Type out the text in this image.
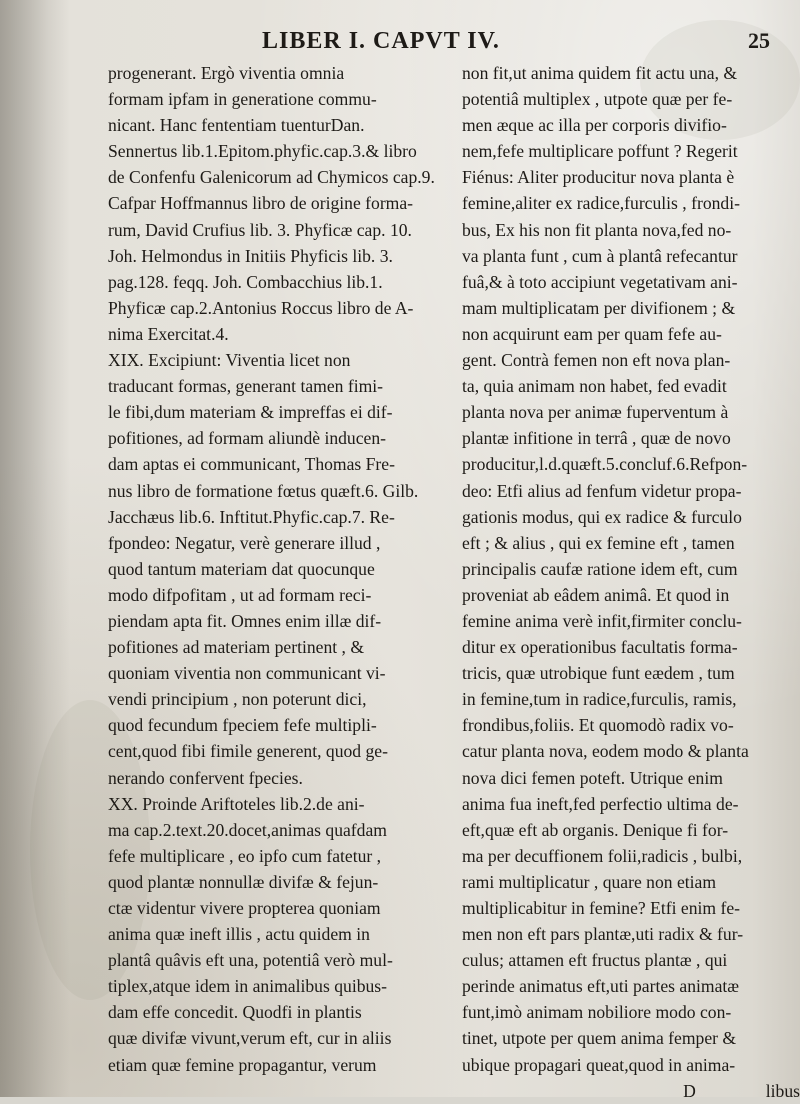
LIBER I. CAPVT IV.	25
progenerant. Ergò viventia omnia
formam ipfam in generatione commu-
nicant. Hanc fententiam tuenturDan.
Sennertus lib.1.Epitom.phyfic.cap.3.& libro
de Confenfu Galenicorum ad Chymicos cap.9.
Cafpar Hoffmannus libro de origine forma-
rum, David Crufius lib. 3. Phyficæ cap. 10.
Joh. Helmondus in Initiis Phyficis lib. 3.
pag.128. feqq. Joh. Combacchius lib.1.
Phyficæ cap.2.Antonius Roccus libro de A-
nima Exercitat.4.
XIX. Excipiunt: Viventia licet non
traducant formas, generant tamen fimi-
le fibi,dum materiam & impreffas ei dif-
pofitiones, ad formam aliundè inducen-
dam aptas ei communicant, Thomas Fre-
nus libro de formatione fœtus quæft.6. Gilb.
Jacchæus lib.6. Inftitut.Phyfic.cap.7. Re-
fpondeo: Negatur, verè generare illud ,
quod tantum materiam dat quocunque
modo difpofitam , ut ad formam reci-
piendam apta fit. Omnes enim illæ dif-
pofitiones ad materiam pertinent , &
quoniam viventia non communicant vi-
vendi principium , non poterunt dici,
quod fecundum fpeciem fefe multipli-
cent,quod fibi fimile generent, quod ge-
nerando confervent fpecies.
XX. Proinde Ariftoteles lib.2.de ani-
ma cap.2.text.20.docet,animas quafdam
fefe multiplicare , eo ipfo cum fatetur ,
quod plantæ nonnullæ divifæ & fejun-
ctæ videntur vivere propterea quoniam
anima quæ ineft illis , actu quidem in
plantâ quâvis eft una, potentiâ verò mul-
tiplex,atque idem in animalibus quibus-
dam effe concedit. Quodfi in plantis
quæ divifæ vivunt,verum eft, cur in aliis
etiam quæ femine propagantur, verum
non fit,ut anima quidem fit actu una, &
potentiâ multiplex , utpote quæ per fe-
men æque ac illa per corporis divifio-
nem,fefe multiplicare poffunt ? Regerit
Fiénus: Aliter producitur nova planta è
femine,aliter ex radice,furculis , frondi-
bus, Ex his non fit planta nova,fed no-
va planta funt , cum à plantâ refecantur
fuâ,& à toto accipiunt vegetativam ani-
mam multiplicatam per divifionem ; &
non acquirunt eam per quam fefe au-
gent. Contrà femen non eft nova plan-
ta, quia animam non habet, fed evadit
planta nova per animæ fuperventum à
plantæ infitione in terrâ , quæ de novo
producitur,l.d.quæft.5.concluf.6.Refpon-
deo: Etfi alius ad fenfum videtur propa-
gationis modus, qui ex radice & furculo
eft ; & alius , qui ex femine eft , tamen
principalis caufæ ratione idem eft, cum
proveniat ab eâdem animâ. Et quod in
femine anima verè infit,firmiter conclu-
ditur ex operationibus facultatis forma-
tricis, quæ utrobique funt eædem , tum
in femine,tum in radice,furculis, ramis,
frondibus,foliis. Et quomodò radix vo-
catur planta nova, eodem modo & planta
nova dici femen poteft. Utrique enim
anima fua ineft,fed perfectio ultima de-
eft,quæ eft ab organis. Denique fi for-
ma per decuffionem folii,radicis , bulbi,
rami multiplicatur , quare non etiam
multiplicabitur in femine? Etfi enim fe-
men non eft pars plantæ,uti radix & fur-
culus; attamen eft fructus plantæ , qui
perinde animatus eft,uti partes animatæ
funt,imò animam nobiliore modo con-
tinet, utpote per quem anima femper &
ubique propagari queat,quod in anima-
D	libus
